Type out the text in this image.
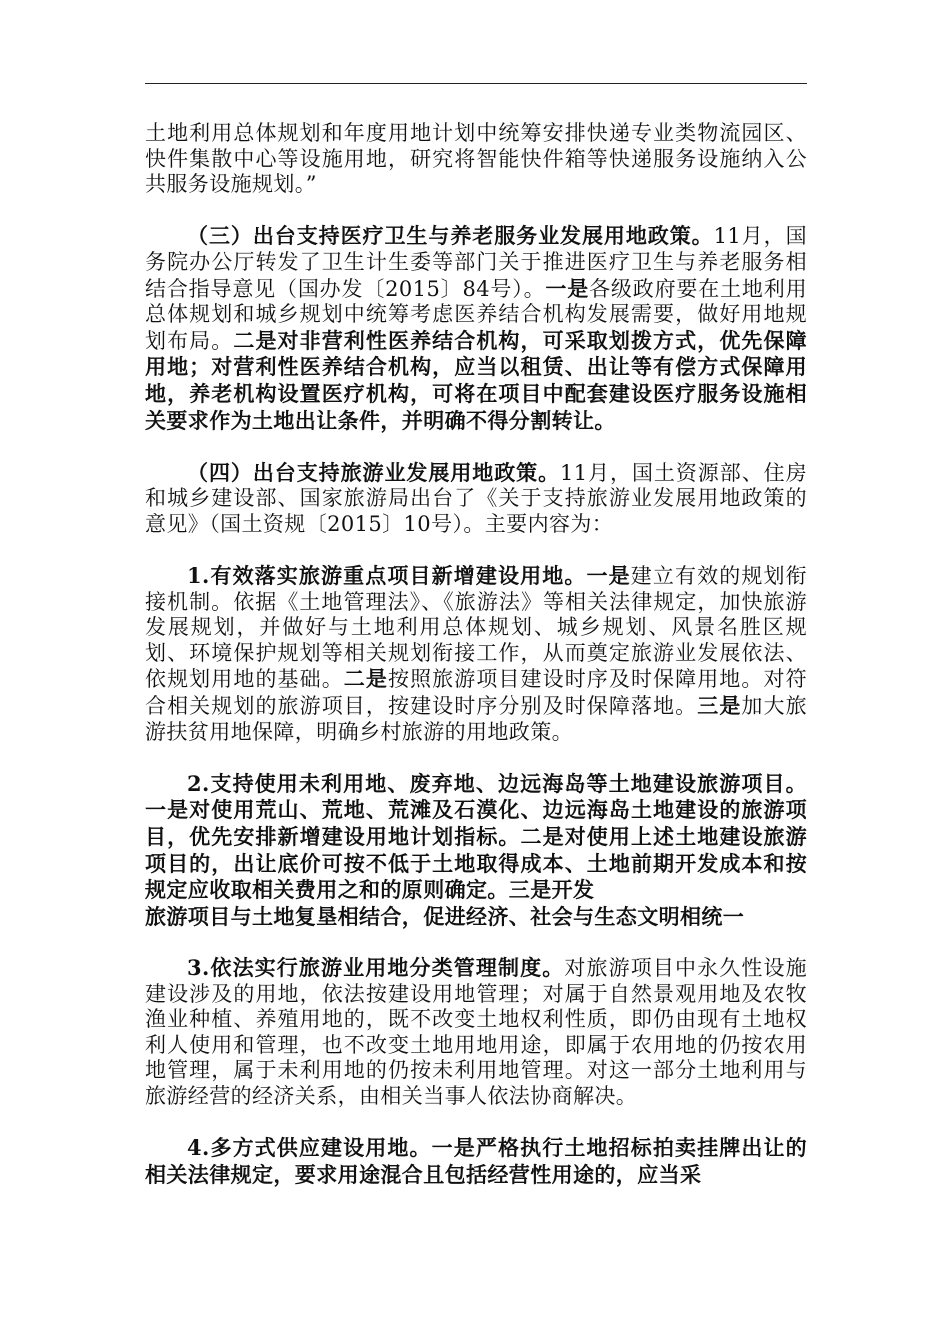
土地利用总体规划和年度用地计划中统筹安排快递专业类物流园区、快件集散中心等设施用地，研究将智能快件箱等快递服务设施纳入公共服务设施规划。”

（三）出台支持医疗卫生与养老服务业发展用地政策。11月，国务院办公厅转发了卫生计生委等部门关于推进医疗卫生与养老服务相结合指导意见（国办发〔2015〕84号）。一是各级政府要在土地利用总体规划和城乡规划中统筹考虑医养结合机构发展需要，做好用地规划布局。二是对非营利性医养结合机构，可采取划拨方式，优先保障用地；对营利性医养结合机构，应当以租赁、出让等有偿方式保障用地，养老机构设置医疗机构，可将在项目中配套建设医疗服务设施相关要求作为土地出让条件，并明确不得分割转让。

（四）出台支持旅游业发展用地政策。11月，国土资源部、住房和城乡建设部、国家旅游局出台了《关于支持旅游业发展用地政策的意见》（国土资规〔2015〕10号）。主要内容为：

1.有效落实旅游重点项目新增建设用地。一是建立有效的规划衔接机制。依据《土地管理法》、《旅游法》等相关法律规定，加快旅游发展规划，并做好与土地利用总体规划、城乡规划、风景名胜区规划、环境保护规划等相关规划衔接工作，从而奠定旅游业发展依法、依规划用地的基础。二是按照旅游项目建设时序及时保障用地。对符合相关规划的旅游项目，按建设时序分别及时保障落地。三是加大旅游扶贫用地保障，明确乡村旅游的用地政策。

2.支持使用未利用地、废弃地、边远海岛等土地建设旅游项目。一是对使用荒山、荒地、荒滩及石漠化、边远海岛土地建设的旅游项目，优先安排新增建设用地计划指标。二是对使用上述土地建设旅游项目的，出让底价可按不低于土地取得成本、土地前期开发成本和按规定应收取相关费用之和的原则确定。三是开发
旅游项目与土地复垦相结合，促进经济、社会与生态文明相统一

3.依法实行旅游业用地分类管理制度。对旅游项目中永久性设施建设涉及的用地，依法按建设用地管理；对属于自然景观用地及农牧渔业种植、养殖用地的，既不改变土地权利性质，即仍由现有土地权利人使用和管理，也不改变土地用地用途，即属于农用地的仍按农用地管理，属于未利用地的仍按未利用地管理。对这一部分土地利用与旅游经营的经济关系，由相关当事人依法协商解决。

4.多方式供应建设用地。一是严格执行土地招标拍卖挂牌出让的相关法律规定，要求用途混合且包括经营性用途的，应当采
